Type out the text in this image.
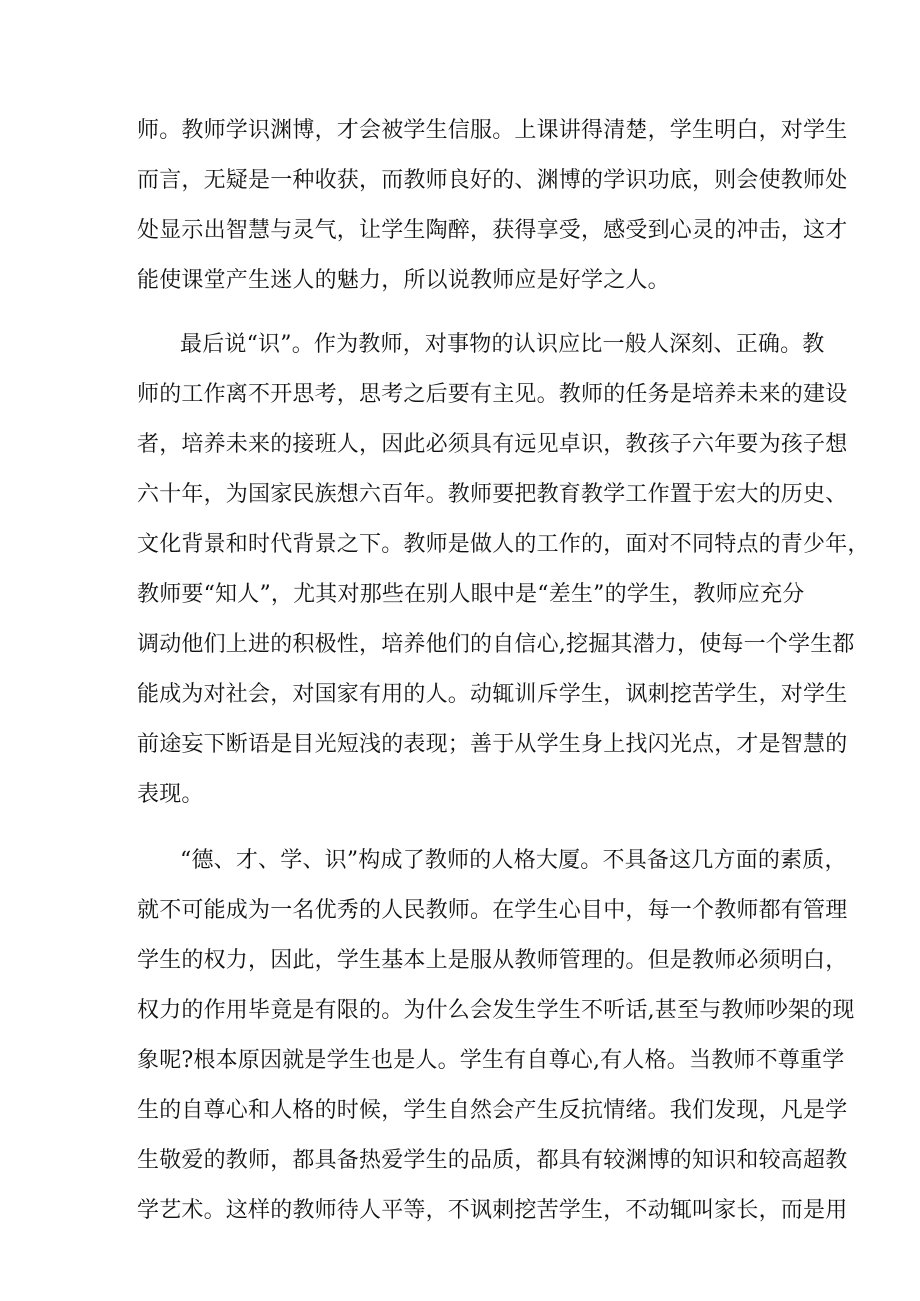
师。教师学识渊博，才会被学生信服。上课讲得清楚，学生明白，对学生
而言，无疑是一种收获，而教师良好的、渊博的学识功底，则会使教师处
处显示出智慧与灵气，让学生陶醉，获得享受，感受到心灵的冲击，这才
能使课堂产生迷人的魅力，所以说教师应是好学之人。
最后说“识”。作为教师，对事物的认识应比一般人深刻、正确。教
师的工作离不开思考，思考之后要有主见。教师的任务是培养未来的建设
者，培养未来的接班人，因此必须具有远见卓识，教孩子六年要为孩子想
六十年，为国家民族想六百年。教师要把教育教学工作置于宏大的历史、
文化背景和时代背景之下。教师是做人的工作的，面对不同特点的青少年，
教师要“知人”，尤其对那些在别人眼中是“差生”的学生，教师应充分
调动他们上进的积极性，培养他们的自信心,挖掘其潜力，使每一个学生都
能成为对社会，对国家有用的人。动辄训斥学生，讽刺挖苦学生，对学生
前途妄下断语是目光短浅的表现；善于从学生身上找闪光点，才是智慧的
表现。
“德、才、学、识”构成了教师的人格大厦。不具备这几方面的素质，
就不可能成为一名优秀的人民教师。在学生心目中，每一个教师都有管理
学生的权力，因此，学生基本上是服从教师管理的。但是教师必须明白，
权力的作用毕竟是有限的。为什么会发生学生不听话,甚至与教师吵架的现
象呢?根本原因就是学生也是人。学生有自尊心,有人格。当教师不尊重学
生的自尊心和人格的时候，学生自然会产生反抗情绪。我们发现，凡是学
生敬爱的教师，都具备热爱学生的品质，都具有较渊博的知识和较高超教
学艺术。这样的教师待人平等，不讽刺挖苦学生，不动辄叫家长，而是用
